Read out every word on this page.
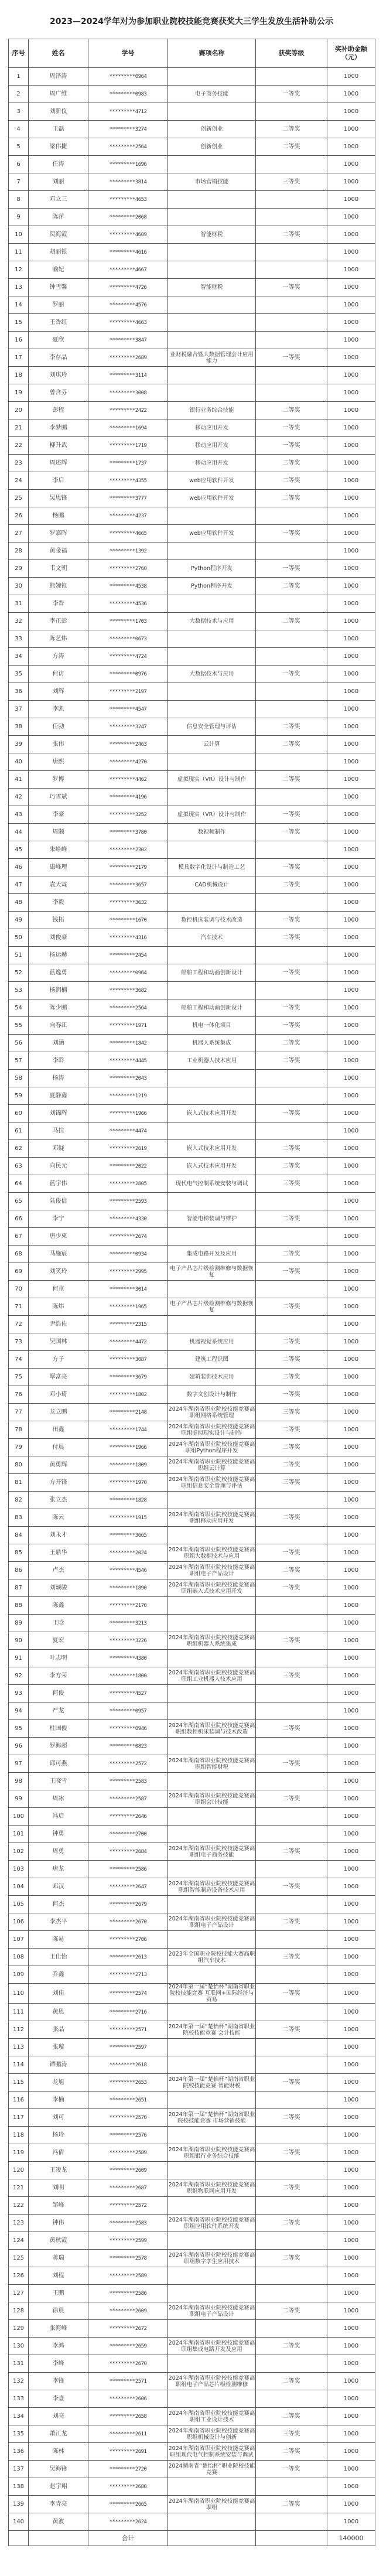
2023—2024学年对为参加职业院校技能竞赛获奖大三学生发放生活补助公示
序号	姓名	学号	赛项名称	获奖等级	奖补助金额（元）
1	周泽涛	*********0964			1000
2	周广维	*********0983	电子商务技能	一等奖	1000
3	刘新仪	*********4712			1000
4	王磊	*********3274	创新创业	二等奖	1000
5	梁伟捷	*********2564	创新创业	二等奖	1000
6	任涛	*********1696			1000
7	刘丽	*********3814	市场营销技能	三等奖	1000
8	邓立三	*********4653			1000
9	陈萍	*********2068			1000
10	贺海霞	*********4609	智能财税	二等奖	1000
11	胡丽银	*********4616			1000
12	喻妃	*********4667			1000
13	钟雪馨	*********4726	智能财税	一等奖	1000
14	罗丽	*********4576			1000
15	王香红	*********4663			1000
16	夏欣	*********3847			1000
17	李存晶	*********2689	业财税融合暨大数据管理会计应用能力	一等奖	1000
18	刘琪玲	*********3114			1000
19	曾含芬	*********3008			1000
20	彭程	*********2422	银行业务综合技能	二等奖	1000
21	李梦鹏	*********1694	移动应用开发	一等奖	1000
22	柳升武	*********1719	移动应用开发	一等奖	1000
23	周述辉	*********1737	移动应用开发	二等奖	1000
24	李启	*********4355	web应用软件开发	二等奖	1000
25	吴思锋	*********3777	web应用软件开发	二等奖	1000
26	杨鹏	*********4237			1000
27	罗嘉晖	*********4665	web应用软件开发	一等奖	1000
28	黄金福	*********1392			1000
29	韦文朝	*********2760	Python程序开发	一等奖	1000
30	熊婉钰	*********4538	Python程序开发	二等奖	1000
31	李晋	*********4536			1000
32	李正彭	*********1703	大数据技术与应用	二等奖	1000
33	陈艺炜	*********0673			1000
34	方涛	*********4724			1000
35	何访	*********0976	大数据技术与应用	一等奖	1000
36	刘辉	*********2197			1000
37	李凯	*********4547			1000
38	任勍	*********3247	信息安全管理与评估	二等奖	1000
39	张伟	*********2463	云计算	二等奖	1000
40	唐熙	*********4270			1000
41	罗博	*********4462	虚拟现实（VR）设计与制作	二等奖	1000
42	巧雪斌	*********4196			1000
43	李豪	*********3252	虚拟现实（VR）设计与制作	一等奖	1000
44	周颢	*********3780	数视频制作	一等奖	1000
45	朱峥峰	*********2302			1000
46	康峰理	*********2179	模具数字化设计与制造工艺	一等奖	1000
47	袁天霖	*********3657	CAD机械设计	二等奖	1000
48	李毅	*********3632			1000
49	钱拓	*********1670	数控机床装调与技术改造	一等奖	1000
50	刘俊豪	*********4316	汽车技术	二等奖	1000
51	杨运赫	*********2454			1000
52	蓝逸勇	*********0964	船舶工程和动画创新设计	一等奖	1000
53	杨润楠	*********3682			1000
54	陈少鹏	*********2564	船舶工程和动画创新设计	一等奖	1000
55	向春江	*********1971	机电一体化项目	一等奖	1000
56	刘涵	*********1842	机器人系统集成	二等奖	1000
57	李聆	*********4445	工业机器人技术应用	二等奖	1000
58	杨涛	*********2043			1000
59	夏静鑫	*********1219			1000
60	刘锦辉	*********1966	嵌入式技术应用开发	一等奖	1000
61	马拉	*********4474			1000
62	邓疑	*********2619	嵌入式技术应用开发	二等奖	1000
63	向民元	*********2022	嵌入式技术应用开发	二等奖	1000
64	蓝宇伟	*********2805	现代电气控制系统安装与调试	三等奖	1000
65	陆俊信	*********2593			1000
66	李宁	*********4330	智能电梯装调与维护	二等奖	1000
67	唐少柬	*********2674			1000
68	马施宸	*********0934	集成电路开发及应用	二等奖	1000
69	刘笑玲	*********2995	电子产品芯片级检测维修与数据恢复	一等奖	1000
70	何京	*********3014			1000
71	陈炜	*********1965	电子产品芯片级检测维修与数据恢复	二等奖	1000
72	尹浩佐	*********2315			1000
73	吴国林	*********4472	机器视觉系统应用	二等奖	1000
74	方子	*********3087	建筑工程识图	二等奖	1000
75	覃富亮	*********3679	建筑装饰技术应用	二等奖	1000
76	邓小琦	*********1802	数字文创设计与制作	一等奖	1000
77	龙立鹏	*********2148	2024年湖南省职业院校技能竞赛高职组网络系统管理	三等奖	1000
78	田鑫	*********1744	2024年湖南省职业院校技能竞赛高职组虚拟现实设计与制作	二等奖	1000
79	付晨	*********1966	2024年湖南省职业院校技能竞赛高职组Python程序开发	二等奖	1000
80	黄勇辉	*********1809	2024年湖南省职业院校技能竞赛高职组云计算	二等奖	1000
81	方开锋	*********1970	2024年湖南省职业院校技能竞赛高职组信息安全管理与评估	三等奖	1000
82	张立杰	*********1828			1000
83	陈云	*********1915	2024年湖南省职业院校技能竞赛高职组移动应用开发	二等奖	1000
84	刘永才	*********3665			1000
85	王鼎华	*********2024	2024年湖南省职业院校技能竞赛高职组大数据技术与应用	一等奖	1000
86	卢杰	*********4546	2024年湖南省职业院校技能竞赛高职组电子产品设计	二等奖	1000
87	刘颖骏	*********1890	2024年湖南省职业院校技能竞赛高职组嵌入式技术应用开发	一等奖	1000
88	陈鑫	*********2170			1000
89	王晗	*********3213			1000
90	夏宏	*********3226	2024年湖南省职业院校技能竞赛高职组机器人系统集成	二等奖	1000
91	叶志明	*********4380			1000
92	李方荣	*********1800	2024年湖南省职业院校技能竞赛高职组工业机器人技术应用	三等奖	1000
93	何俊	*********4527			1000
94	严龙	*********0957			1000
95	杜国俊	*********0946	2024年湖南省职业院校技能竞赛高职组数控机床装调与技术改造	二等奖	1000
96	罗海超	*********0823			1000
97	邱可燕	*********2572	2024年湖南省职业院校技能竞赛高职组智能财税	一等奖	1000
98	王晓雪	*********2583			1000
99	周冰	*********2587	2024年湖南省职业院校技能竞赛高职组会计技能	二等奖	1000
100	冯启	*********2646			1000
101	钟勇	*********2700			1000
102	周勇	*********2684	2024年湖南省职业院校技能竞赛高职组电子商务技能	二等奖	1000
103	唐龙	*********2586			1000
104	邓汉	*********2647	2024年湖南省职业院校技能竞赛高职组智能制造设备技术应用	一等奖	1000
105	何杰	*********2679			1000
106	李杰平	*********2670	2024年湖南省职业院校技能竞赛高职组电子产品设计	二等奖	1000
107	陈易	*********2706			1000
108	王佳怡	*********2613	2023年全国职业院校技能大赛高职组汽车技术	三等奖	1000
109	乔鑫	*********2713			1000
110	刘佳	*********2574	2024年第一届“楚怡杯”湖南省职业院校技能竞赛 互联网+国际经济与贸易	一等奖	1000
111	黄思	*********2716			1000
112	张晶	*********2571	2024年第一届“楚怡杯”湖南省职业院校技能竞赛 会计技能	二等奖	1000
113	张璇	*********2597			1000
114	谭鹏涛	*********2618			1000
115	龙旭	*********2653	2024年第一届“楚怡杯”湖南省职业院校技能竞赛 智能财税	一等奖	1000
116	李楠	*********2651			1000
117	刘可	*********2570	2024年第一届“楚怡杯”湖南省职业院校技能竞赛 市场营销技能	二等奖	1000
118	杨玲	*********2576			1000
119	冯倩	*********2589	2024年湖南省职业院校技能竞赛高职组银行业务综合技能	二等奖	1000
120	王凌龙	*********2609			1000
121	刘明	*********2687	2024年湖南省职业院校技能竞赛高职组物联网应用开发	二等奖	1000
122	邹峰	*********2572			1000
123	钟伟	*********2583	2024年湖南省职业院校技能竞赛高职组应用软件系统开发	二等奖	1000
124	黄秋霞	*********2599			1000
125	蒋瑞	*********2578	2024年湖南省职业院校技能竞赛高职组数字孪生应用技术	二等奖	1000
126	刘程	*********2589			1000
127	王鹏	*********2586			1000
128	徐晨	*********2609	2024年湖南省职业院校技能竞赛高职组电子产品设计	二等奖	1000
129	张海峰	*********2672			1000
130	李鸿	*********2659	2024年湖南省职业院校技能竞赛高职组集成电路开发及应用	二等奖	1000
131	李峰	*********2670			1000
132	李锋	*********2571	2024年湖南省职业院校技能竞赛高职组电子产品芯片级检测维修	二等奖	1000
133	李壹	*********2606			1000
134	刘亮	*********2658	2024年湖南省职业院校技能竞赛高职组工业设计技术	二等奖	1000
135	萧江龙	*********2611	2024年湖南省职业院校技能竞赛高职组机械设计与创新	三等奖	1000
136	陈林	*********2691	2024年湖南省职业院校技能竞赛高职组现代电气控制系统安装与调试	二等奖	1000
137	吴海锋	*********2720	2024湖南省“楚怡杯”职业院校技能竞赛	一等奖	1000
138	赵宇翔	*********2680			1000
139	李青亮	*********2665	2024年湖南省职业院校技能竞赛高职组	二等奖	1000
140	黄波	*********2624			1000
		合计			140000
